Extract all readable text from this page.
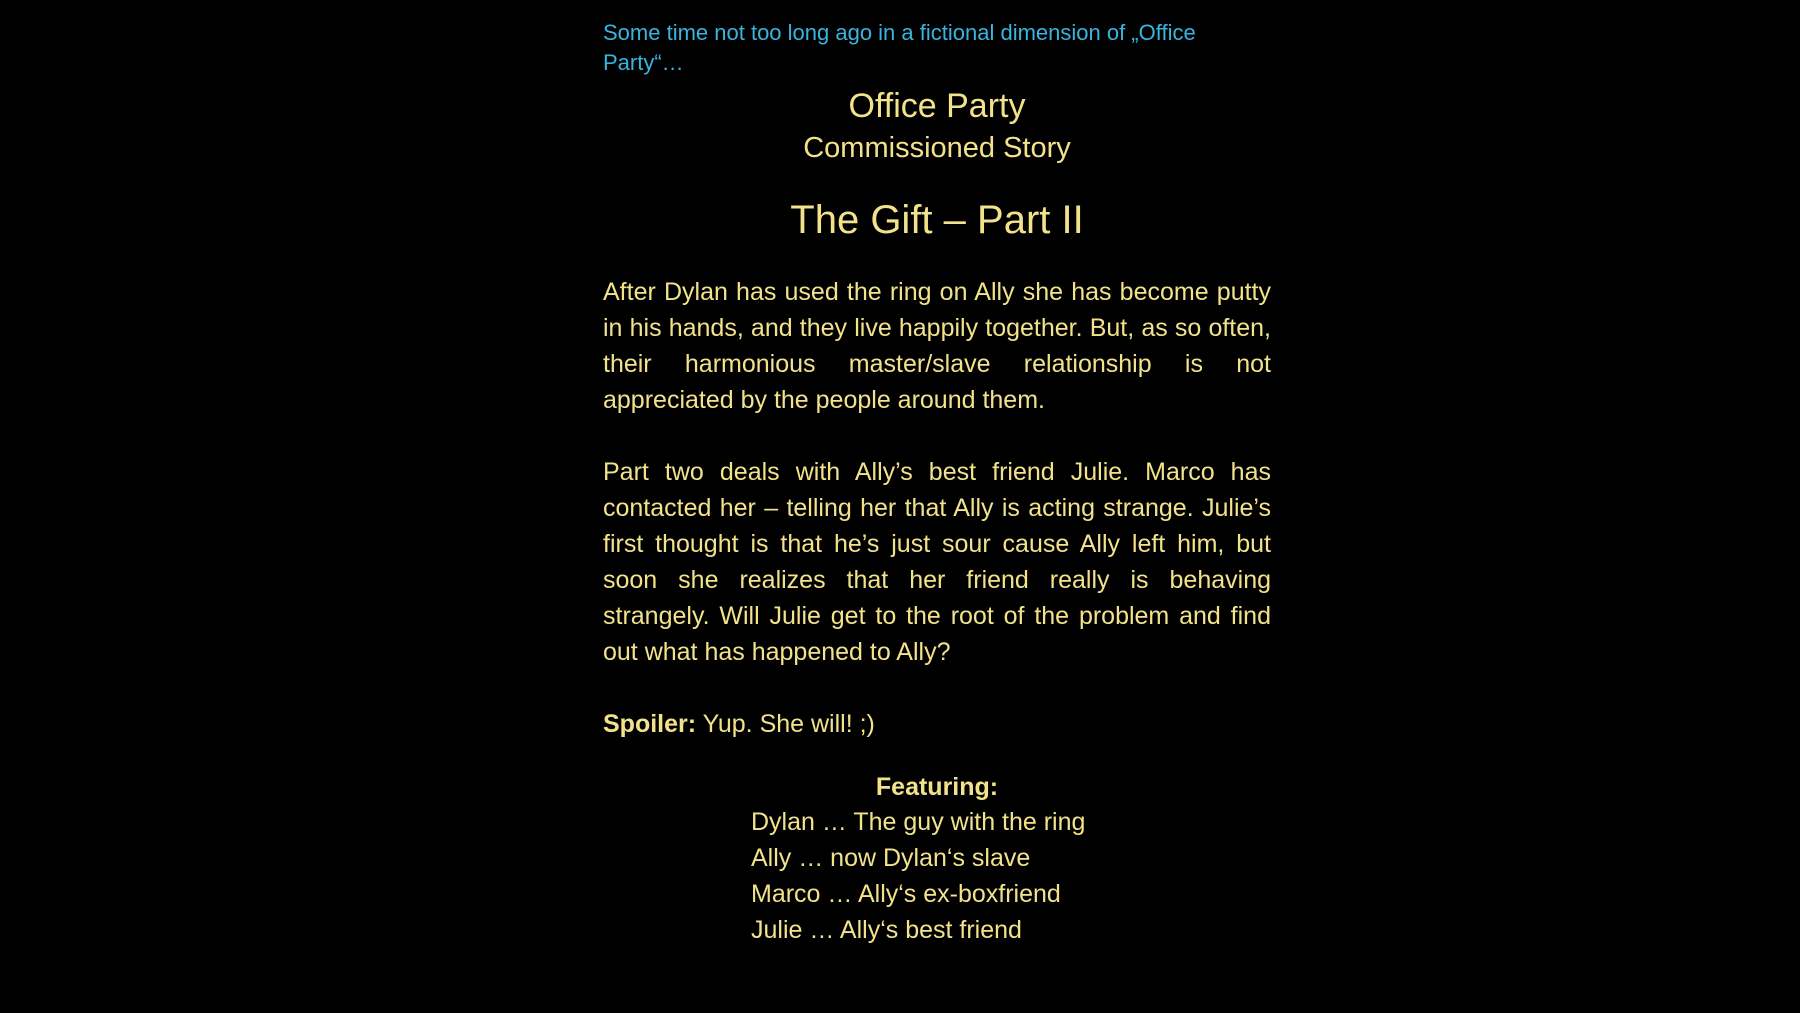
Some time not too long ago in a fictional dimension of „Office Party“…

Office Party
Commissioned Story
The Gift – Part II

After Dylan has used the ring on Ally she has become putty in his hands, and they live happily together. But, as so often, their harmonious master/slave relationship is not appreciated by the people around them.

Part two deals with Ally’s best friend Julie. Marco has contacted her – telling her that Ally is acting strange. Julie’s first thought is that he’s just sour cause Ally left him, but soon she realizes that her friend really is behaving strangely. Will Julie get to the root of the problem and find out what has happened to Ally?

Spoiler: Yup. She will! ;)

Featuring:
Dylan … The guy with the ring
Ally … now Dylan‘s slave
Marco … Ally‘s ex-boxfriend
Julie … Ally‘s best friend
